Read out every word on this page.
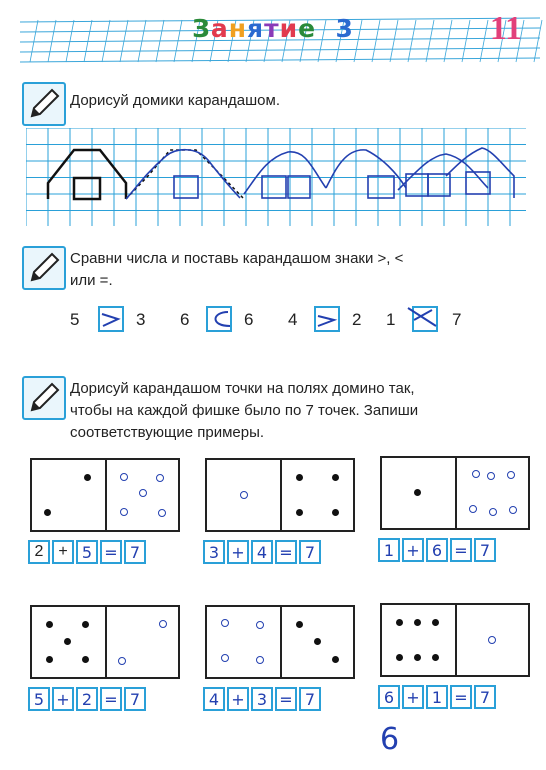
Занятие 3	11
Дорисуй домики карандашом.
Сравни числа и поставь карандашом знаки >, <
или =.
5	3 6	6 4	2 1	7
Дорисуй карандашом точки на полях домино так,
чтобы на каждой фишке было по 7 точек. Запиши
соответствующие примеры.
2 + 5 = 7	3 + 4 = 7	1 + 6 = 7
5 + 2 = 7	4 + 3 = 7	6 + 1 = 7
6
